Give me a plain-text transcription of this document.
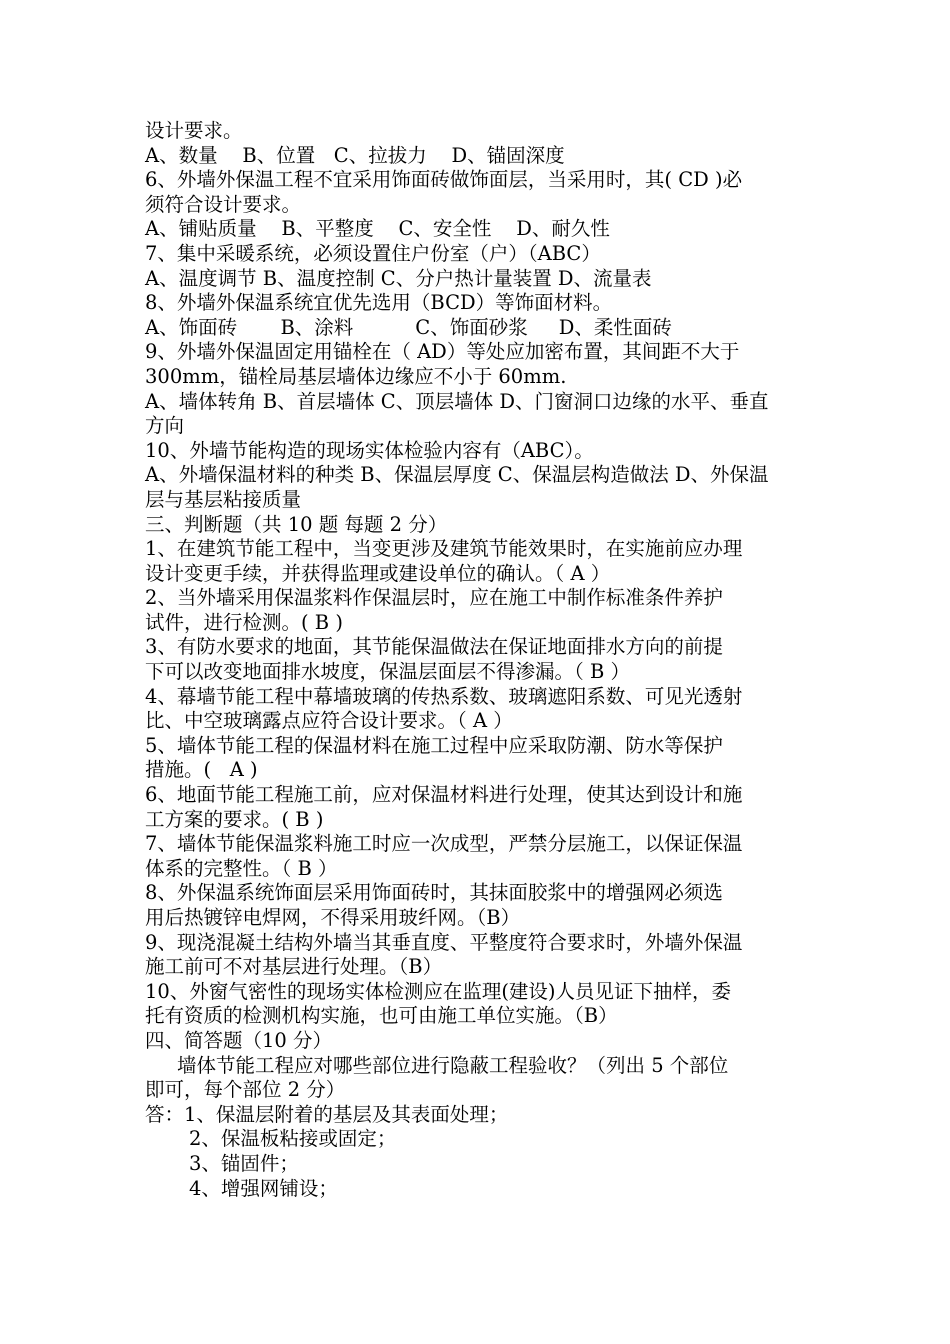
设计要求。
A、数量    B、位置   C、拉拔力    D、锚固深度
6、外墙外保温工程不宜采用饰面砖做饰面层，当采用时，其( CD )必
须符合设计要求。
A、铺贴质量    B、平整度    C、安全性    D、耐久性
7、集中采暖系统，必须设置住户份室（户）（ABC）
A、温度调节 B、温度控制 C、分户热计量装置 D、流量表
8、外墙外保温系统宜优先选用（BCD）等饰面材料。
A、饰面砖       B、涂料          C、饰面砂浆     D、柔性面砖
9、外墙外保温固定用锚栓在（ AD）等处应加密布置，其间距不大于
300mm，锚栓局基层墙体边缘应不小于 60mm.
A、墙体转角 B、首层墙体 C、顶层墙体 D、门窗洞口边缘的水平、垂直
方向
10、外墙节能构造的现场实体检验内容有（ABC）。
A、外墙保温材料的种类 B、保温层厚度 C、保温层构造做法 D、外保温
层与基层粘接质量
三、判断题（共 10 题 每题 2 分）
1、在建筑节能工程中，当变更涉及建筑节能效果时，在实施前应办理
设计变更手续，并获得监理或建设单位的确认。（ A ）
2、当外墙采用保温浆料作保温层时，应在施工中制作标准条件养护
试件，进行检测。( B )
3、有防水要求的地面，其节能保温做法在保证地面排水方向的前提
下可以改变地面排水坡度，保温层面层不得渗漏。（ B ）
4、幕墙节能工程中幕墙玻璃的传热系数、玻璃遮阳系数、可见光透射
比、中空玻璃露点应符合设计要求。（ A ）
5、墙体节能工程的保温材料在施工过程中应采取防潮、防水等保护
措施。(   A )
6、地面节能工程施工前，应对保温材料进行处理，使其达到设计和施
工方案的要求。( B )
7、墙体节能保温浆料施工时应一次成型，严禁分层施工，以保证保温
体系的完整性。（ B ）
8、外保温系统饰面层采用饰面砖时，其抹面胶浆中的增强网必须选
用后热镀锌电焊网，不得采用玻纤网。（B）
9、现浇混凝土结构外墙当其垂直度、平整度符合要求时，外墙外保温
施工前可不对基层进行处理。（B）
10、外窗气密性的现场实体检测应在监理(建设)人员见证下抽样，委
托有资质的检测机构实施，也可由施工单位实施。（B）
四、简答题（10 分）
墙体节能工程应对哪些部位进行隐蔽工程验收？（列出 5 个部位
即可，每个部位 2 分）
答：1、保温层附着的基层及其表面处理；
2、保温板粘接或固定；
3、锚固件；
4、增强网铺设；
